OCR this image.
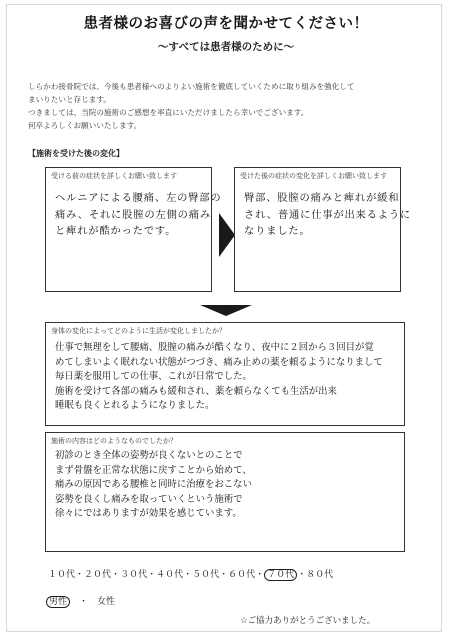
患者様のお喜びの声を聞かせてください！
～すべては患者様のために～

しらかわ接骨院では、今後も患者様へのよりよい施術を徹底していくために取り組みを強化して

まいりたいと存じます。

つきましては、当院の施術のご感想を率直にいただけましたら幸いでございます。

何卒よろしくお願いいたします。

【施術を受けた後の変化】
受ける前の症状を詳しくお願い致します
ヘルニアによる腰痛、左の臀部の
痛み、それに股膣の左側の痛み
と痺れが酷かったです。
受けた後の症状の変化を詳しくお願い致します
臀部、股膣の痛みと痺れが緩和
され、普通に仕事が出来るように
なりました。
身体の変化によってどのように生活が変化しましたか？
仕事で無理をして腰痛、股膣の痛みが酷くなり、夜中に２回から３回目が覚
めてしまいよく眠れない状態がつづき、痛み止めの薬を頼るようになりまして
毎日薬を服用しての仕事、これが日常でした。
施術を受けて各部の痛みも緩和され、薬を頼らなくても生活が出来
睡眠も良くとれるようになりました。
施術の内容はどのようなものでしたか？
初診のとき全体の姿勢が良くないとのことで
まず骨盤を正常な状態に戻すことから始めて、
痛みの原因である腰椎と同時に治療をおこない
姿勢を良くし痛みを取っていくという施術で
徐々にではありますが効果を感じています。
１０代・２０代・３０代・４０代・５０代・６０代・ ７０代 ・８０代
男性　・　女性
☆ご協力ありがとうございました。
